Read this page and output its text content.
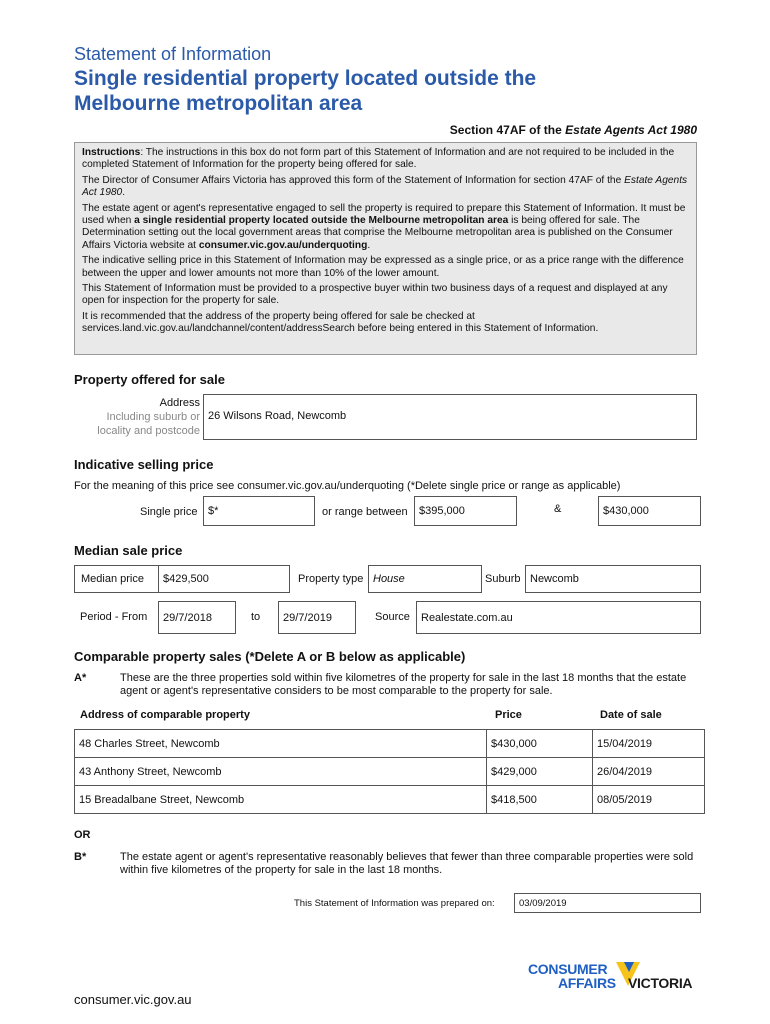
Statement of Information
Single residential property located outside the
Melbourne metropolitan area
Section 47AF of the Estate Agents Act 1980

Instructions: The instructions in this box do not form part of this Statement of Information and are not required to be included in the completed Statement of Information for the property being offered for sale.

The Director of Consumer Affairs Victoria has approved this form of the Statement of Information for section 47AF of the Estate Agents Act 1980.

The estate agent or agent's representative engaged to sell the property is required to prepare this Statement of Information. It must be used when a single residential property located outside the Melbourne metropolitan area is being offered for sale. The Determination setting out the local government areas that comprise the Melbourne metropolitan area is published on the Consumer Affairs Victoria website at consumer.vic.gov.au/underquoting.

The indicative selling price in this Statement of Information may be expressed as a single price, or as a price range with the difference between the upper and lower amounts not more than 10% of the lower amount.

This Statement of Information must be provided to a prospective buyer within two business days of a request and displayed at any open for inspection for the property for sale.

It is recommended that the address of the property being offered for sale be checked at services.land.vic.gov.au/landchannel/content/addressSearch before being entered in this Statement of Information.

Property offered for sale
Address
Including suburb or
locality and postcode
26 Wilsons Road, Newcomb
Indicative selling price
For the meaning of this price see consumer.vic.gov.au/underquoting (*Delete single price or range as applicable)
Single price $*	or range between	$395,000	&	$430,000
Median sale price
Median price	$429,500	Property type House	Suburb Newcomb
Period - From	29/7/2018	to	29/7/2019	Source	Realestate.com.au
Comparable property sales (*Delete A or B below as applicable)
A*	These are the three properties sold within five kilometres of the property for sale in the last 18 months that the estate agent or agent's representative considers to be most comparable to the property for sale.
Address of comparable property	Price	Date of sale
48 Charles Street, Newcomb	$430,000	15/04/2019
43 Anthony Street, Newcomb	$429,000	26/04/2019
15 Breadalbane Street, Newcomb	$418,500	08/05/2019
OR
B*	The estate agent or agent's representative reasonably believes that fewer than three comparable properties were sold within five kilometres of the property for sale in the last 18 months.
This Statement of Information was prepared on:	03/09/2019
CONSUMER
AFFAIRS VICTORIA
consumer.vic.gov.au
